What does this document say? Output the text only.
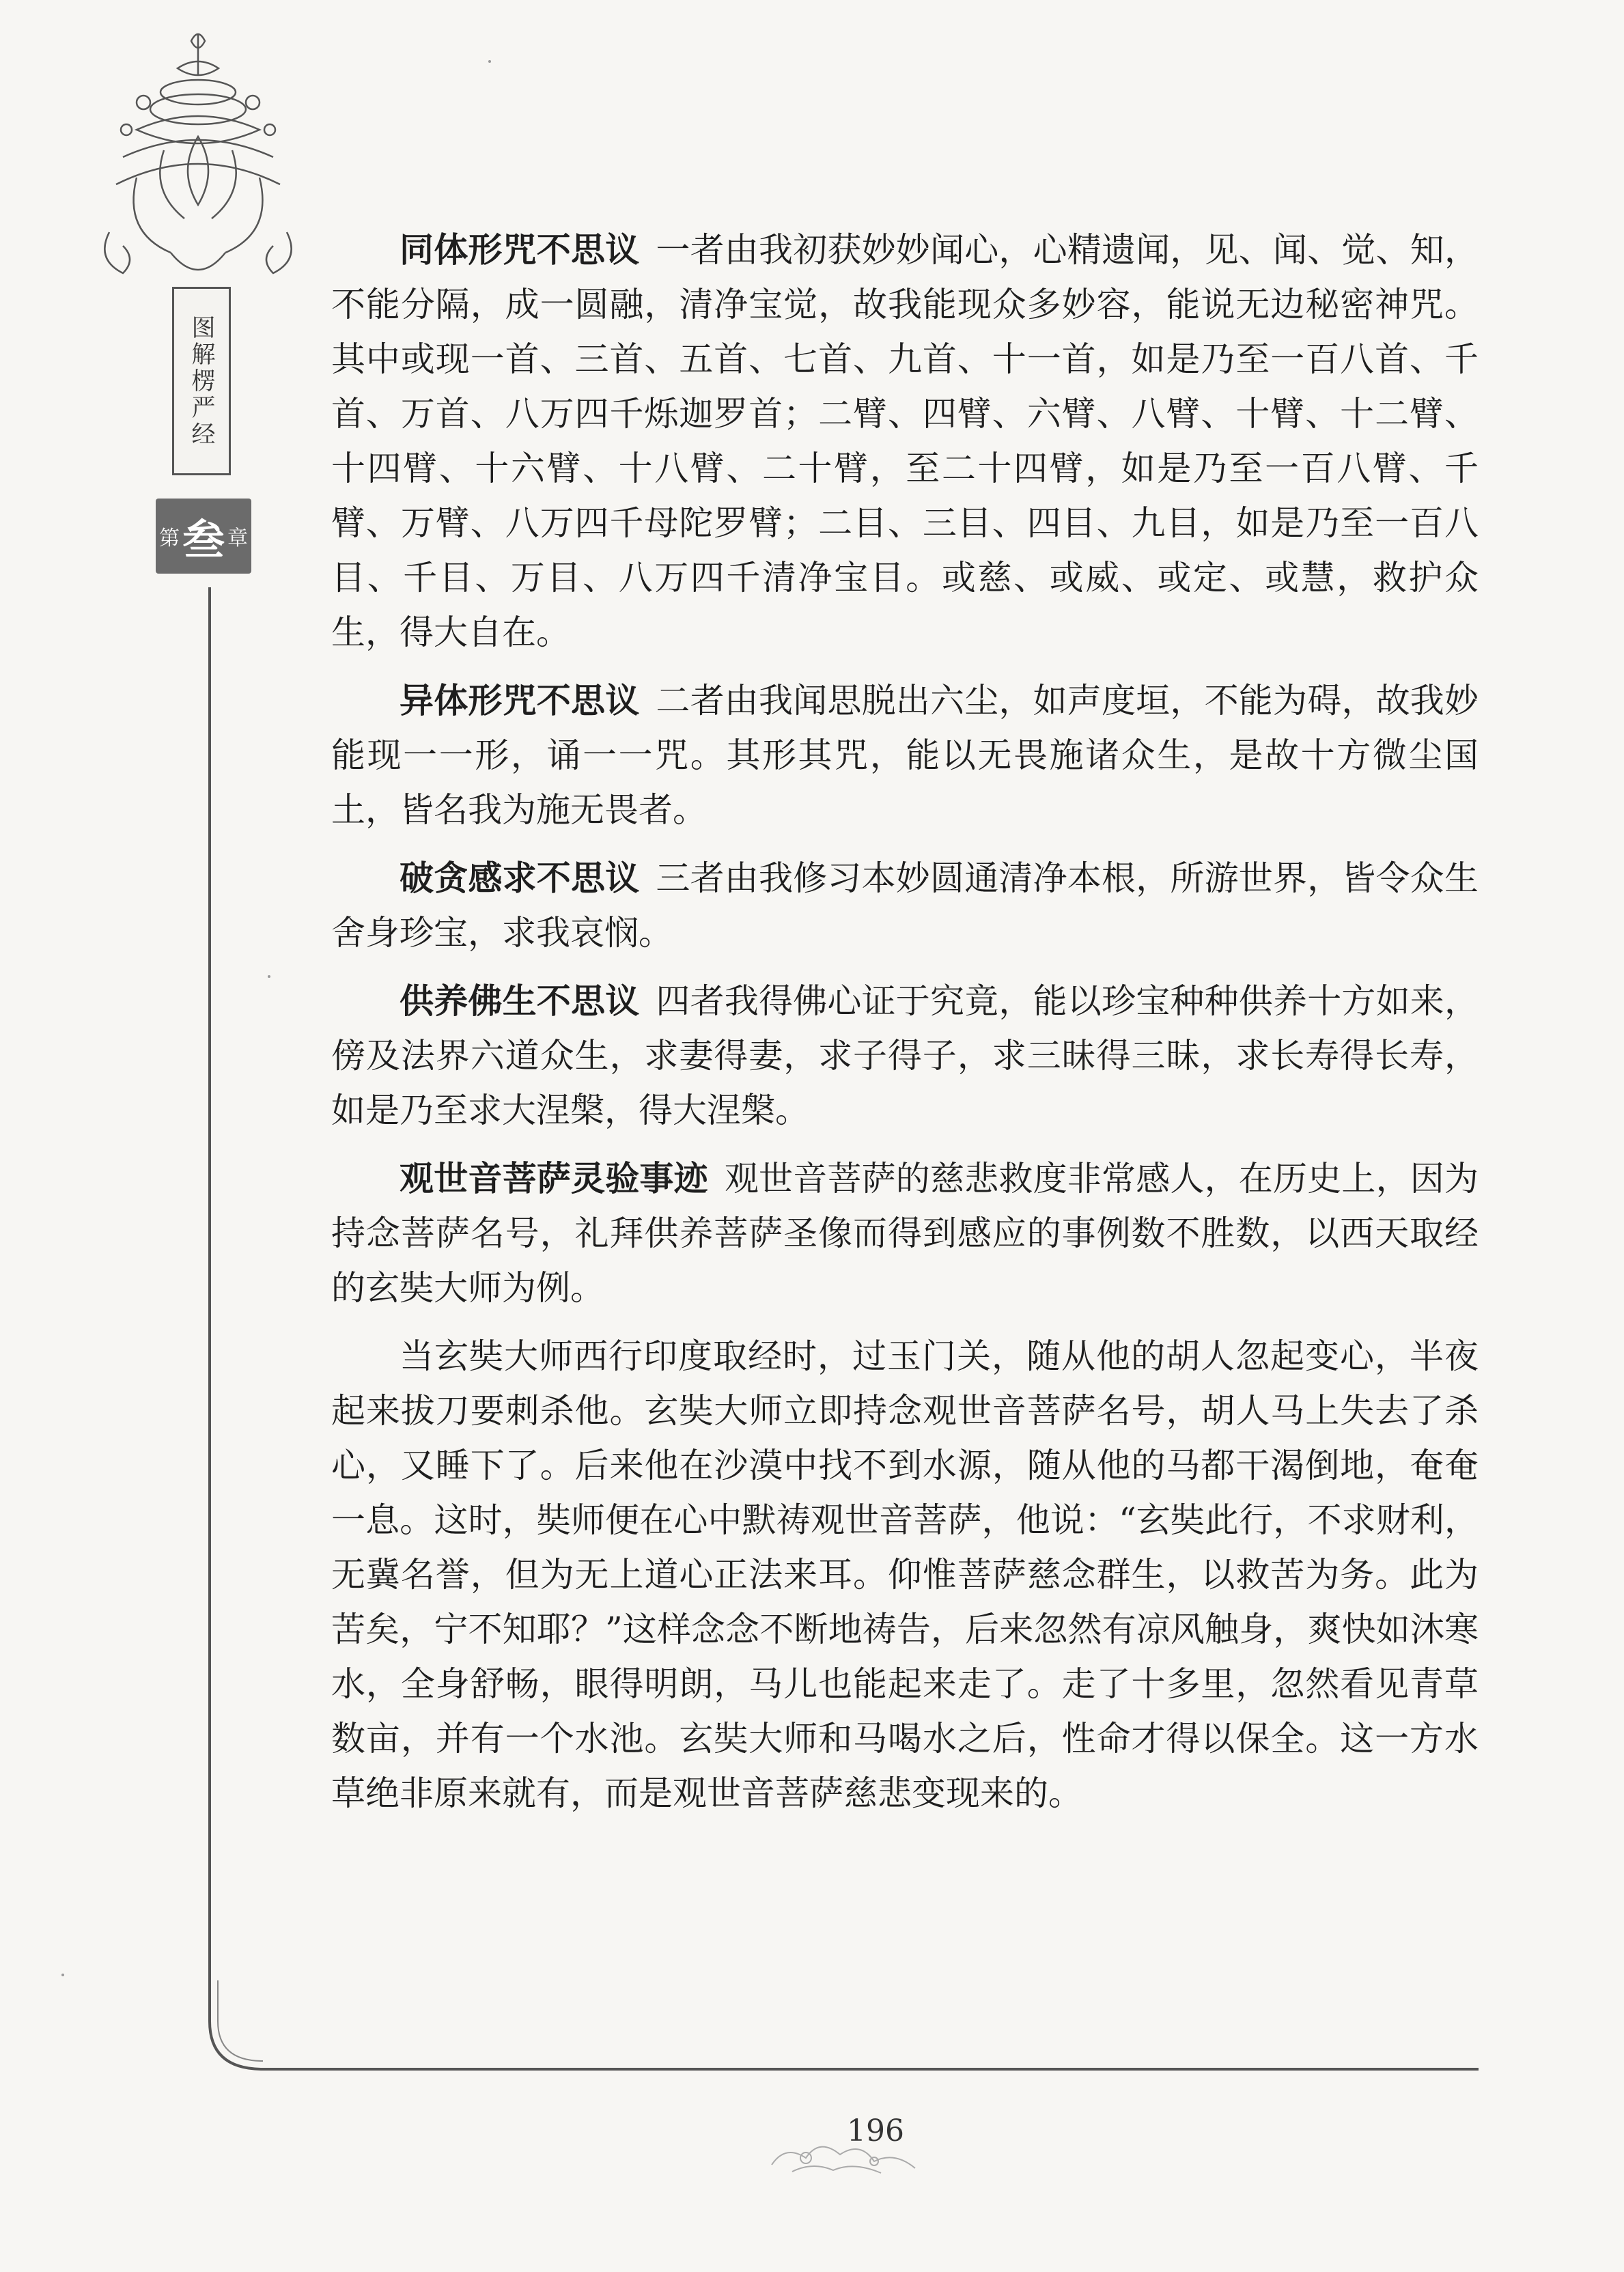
图解楞严经
第 叁 章

同体形咒不思议 一者由我初获妙妙闻心，心精遗闻，见、闻、觉、知，不能分隔，成一圆融，清净宝觉，故我能现众多妙容，能说无边秘密神咒。其中或现一首、三首、五首、七首、九首、十一首，如是乃至一百八首、千首、万首、八万四千烁迦罗首；二臂、四臂、六臂、八臂、十臂、十二臂、十四臂、十六臂、十八臂、二十臂，至二十四臂，如是乃至一百八臂、千臂、万臂、八万四千母陀罗臂；二目、三目、四目、九目，如是乃至一百八目、千目、万目、八万四千清净宝目。或慈、或威、或定、或慧，救护众生，得大自在。

异体形咒不思议 二者由我闻思脱出六尘，如声度垣，不能为碍，故我妙能现一一形，诵一一咒。其形其咒，能以无畏施诸众生，是故十方微尘国土，皆名我为施无畏者。

破贪感求不思议 三者由我修习本妙圆通清净本根，所游世界，皆令众生舍身珍宝，求我哀悯。

供养佛生不思议 四者我得佛心证于究竟，能以珍宝种种供养十方如来，傍及法界六道众生，求妻得妻，求子得子，求三昧得三昧，求长寿得长寿，如是乃至求大涅槃，得大涅槃。

观世音菩萨灵验事迹 观世音菩萨的慈悲救度非常感人，在历史上，因为持念菩萨名号，礼拜供养菩萨圣像而得到感应的事例数不胜数，以西天取经的玄奘大师为例。

当玄奘大师西行印度取经时，过玉门关，随从他的胡人忽起变心，半夜起来拔刀要刺杀他。玄奘大师立即持念观世音菩萨名号，胡人马上失去了杀心，又睡下了。后来他在沙漠中找不到水源，随从他的马都干渴倒地，奄奄一息。这时，奘师便在心中默祷观世音菩萨，他说：“玄奘此行，不求财利，无冀名誉，但为无上道心正法来耳。仰惟菩萨慈念群生，以救苦为务。此为苦矣，宁不知耶？”这样念念不断地祷告，后来忽然有凉风触身，爽快如沐寒水，全身舒畅，眼得明朗，马儿也能起来走了。走了十多里，忽然看见青草数亩，并有一个水池。玄奘大师和马喝水之后，性命才得以保全。这一方水草绝非原来就有，而是观世音菩萨慈悲变现来的。

196
